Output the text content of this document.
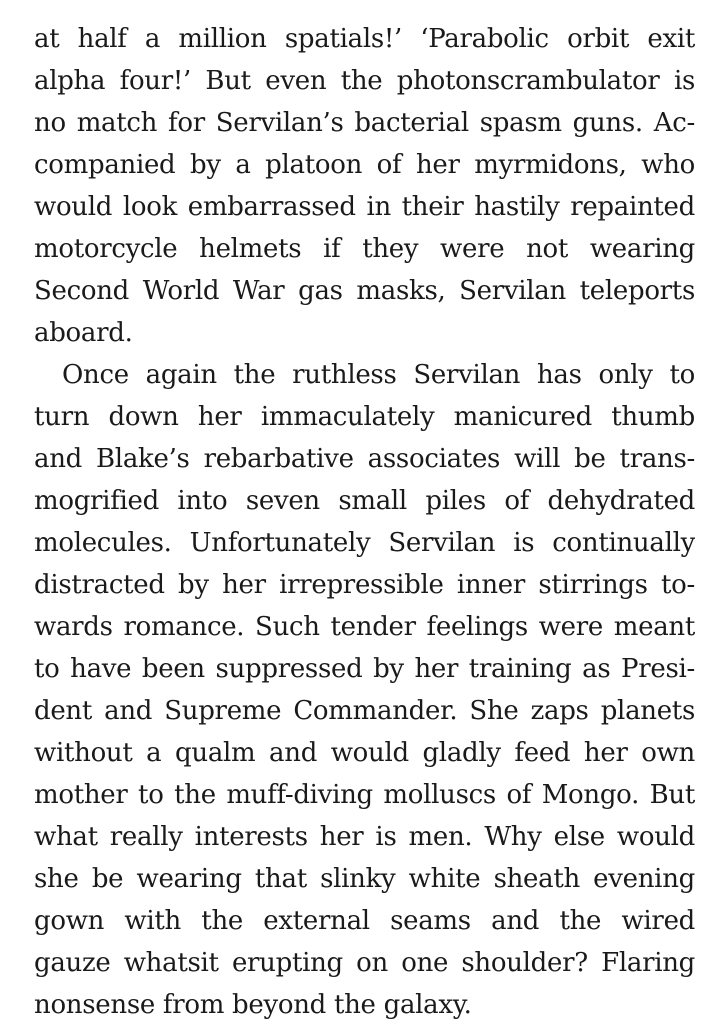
at half a million spatials!’ ‘Parabolic orbit exit
alpha four!’ But even the photonscrambulator is
no match for Servilan’s bacterial spasm guns. Ac-
companied by a platoon of her myrmidons, who
would look embarrassed in their hastily repainted
motorcycle helmets if they were not wearing
Second World War gas masks, Servilan teleports
aboard.
Once again the ruthless Servilan has only to
turn down her immaculately manicured thumb
and Blake’s rebarbative associates will be trans-
mogrified into seven small piles of dehydrated
molecules. Unfortunately Servilan is continually
distracted by her irrepressible inner stirrings to-
wards romance. Such tender feelings were meant
to have been suppressed by her training as Presi-
dent and Supreme Commander. She zaps planets
without a qualm and would gladly feed her own
mother to the muff-diving molluscs of Mongo. But
what really interests her is men. Why else would
she be wearing that slinky white sheath evening
gown with the external seams and the wired
gauze whatsit erupting on one shoulder? Flaring
nonsense from beyond the galaxy.
